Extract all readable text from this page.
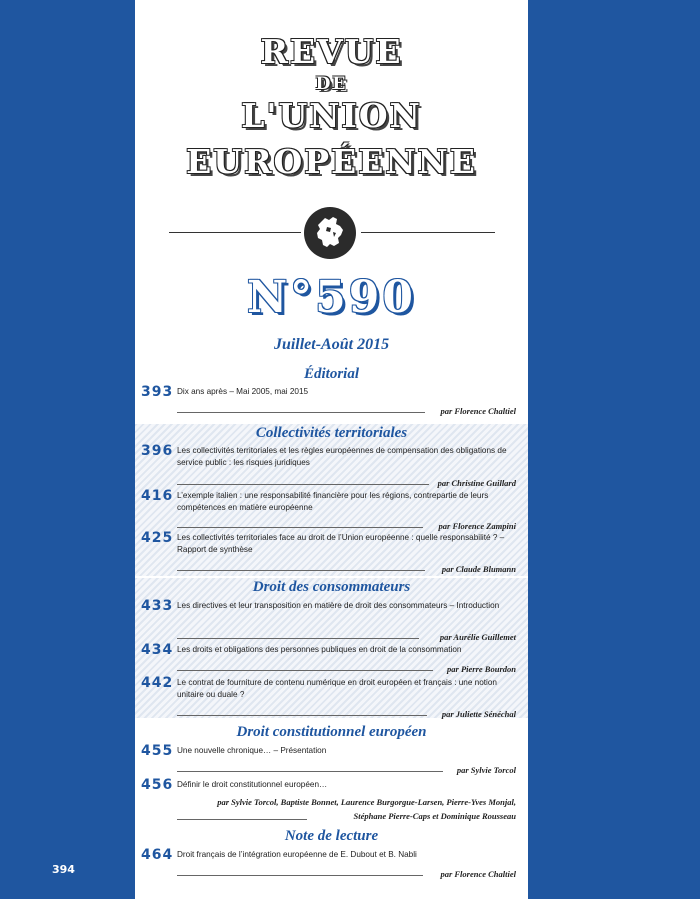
394
REVUE
DE
L'UNION
EUROPÉENNE
N°590
Juillet-Août 2015
Éditorial
393 Dix ans après – Mai 2005, mai 2015
par Florence Chaltiel
Collectivités territoriales
396 Les collectivités territoriales et les règles européennes de compensation des obligations de service public : les risques juridiques
par Christine Guillard
416 L’exemple italien : une responsabilité financière pour les régions, contrepartie de leurs compétences en matière européenne
par Florence Zampini
425 Les collectivités territoriales face au droit de l’Union européenne : quelle responsabilité ? – Rapport de synthèse
par Claude Blumann
Droit des consommateurs
433 Les directives et leur transposition en matière de droit des consommateurs – Introduction
par Aurélie Guillemet
434 Les droits et obligations des personnes publiques en droit de la consommation
par Pierre Bourdon
442 Le contrat de fourniture de contenu numérique en droit européen et français : une notion unitaire ou duale ?
par Juliette Sénéchal
Droit constitutionnel européen
455 Une nouvelle chronique… – Présentation
par Sylvie Torcol
456 Définir le droit constitutionnel européen…
par Sylvie Torcol, Baptiste Bonnet, Laurence Burgorgue-Larsen, Pierre-Yves Monjal,
Stéphane Pierre-Caps et Dominique Rousseau
Note de lecture
464 Droit français de l’intégration européenne de E. Dubout et B. Nabli
par Florence Chaltiel
